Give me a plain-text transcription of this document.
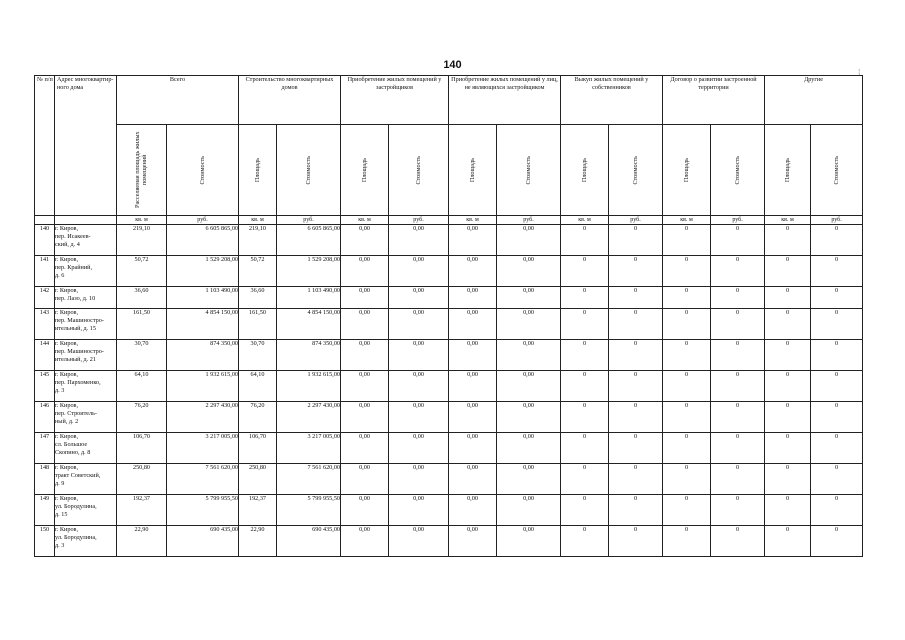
140
№ п/п	Адрес многоквартир-ного дома	Всего		Строительство многоквартирных домов		Приобретение жилых помещений у застройщиков		Приобретение жилых помещений у лиц, не являющихся застройщиком		Выкуп жилых помещений у собственников		Договор о развитии застроенной территории		Другие	

		Расселяемая площадь жилых помещений	Стоимость	Площадь	Стоимость	Площадь	Стоимость	Площадь	Стоимость	Площадь	Стоимость	Площадь	Стоимость	Площадь	Стоимость

		кв. м	руб.	кв. м	руб.	кв. м	руб.	кв. м	руб.	кв. м	руб.	кв. м	руб.	кв. м	руб.
140	г. Киров,
пер. Исакеев-
ский, д. 4	219,10	6 605 865,00	219,10	6 605 865,00	0,00	0,00	0,00	0,00	0	0	0	0	0	0
141	г. Киров,
пер. Крайний,
д. 6	50,72	1 529 208,00	50,72	1 529 208,00	0,00	0,00	0,00	0,00	0	0	0	0	0	0
142	г. Киров,
пер. Лазо, д. 10	36,60	1 103 490,00	36,60	1 103 490,00	0,00	0,00	0,00	0,00	0	0	0	0	0	0
143	г. Киров,
пер. Машиностро-
ительный, д. 15	161,50	4 854 150,00	161,50	4 854 150,00	0,00	0,00	0,00	0,00	0	0	0	0	0	0
144	г. Киров,
пер. Машиностро-
ительный, д. 21	30,70	874 350,00	30,70	874 350,00	0,00	0,00	0,00	0,00	0	0	0	0	0	0
145	г. Киров,
пер. Пархоменко,
д. 3	64,10	1 932 615,00	64,10	1 932 615,00	0,00	0,00	0,00	0,00	0	0	0	0	0	0
146	г. Киров,
пер. Строитель-
ный, д. 2	76,20	2 297 430,00	76,20	2 297 430,00	0,00	0,00	0,00	0,00	0	0	0	0	0	0
147	г. Киров,
сл. Большое
Скопино, д. 8	106,70	3 217 005,00	106,70	3 217 005,00	0,00	0,00	0,00	0,00	0	0	0	0	0	0
148	г. Киров,
тракт Советский,
д. 9	250,80	7 561 620,00	250,80	7 561 620,00	0,00	0,00	0,00	0,00	0	0	0	0	0	0
149	г. Киров,
ул. Бородулина,
д. 15	192,37	5 799 955,50	192,37	5 799 955,50	0,00	0,00	0,00	0,00	0	0	0	0	0	0
150	г. Киров,
ул. Бородулина,
д. 3	22,90	690 435,00	22,90	690 435,00	0,00	0,00	0,00	0,00	0	0	0	0	0	0
¦
